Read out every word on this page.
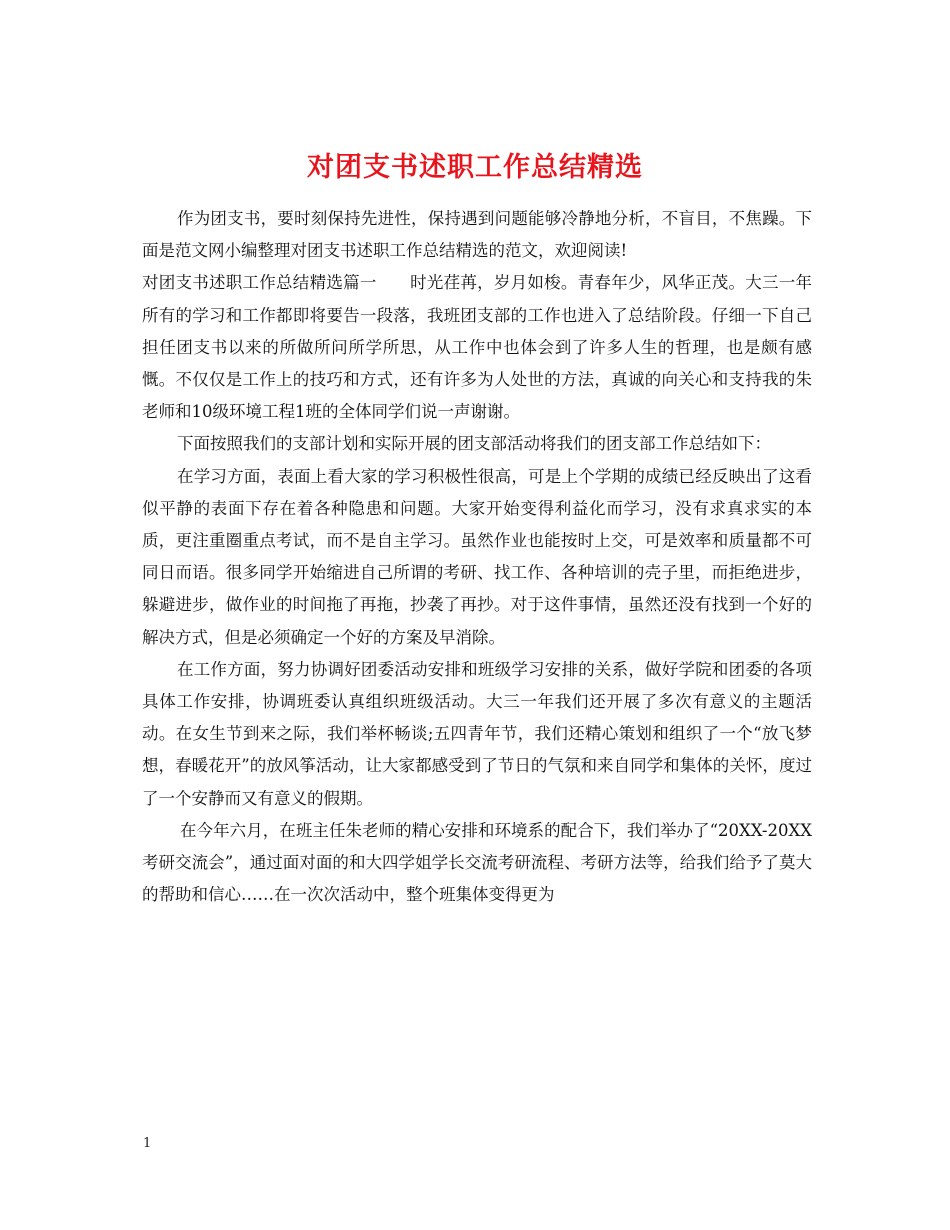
对团支书述职工作总结精选

作为团支书，要时刻保持先进性，保持遇到问题能够冷静地分析，不盲目，不焦躁。下面是范文网小编整理对团支书述职工作总结精选的范文，欢迎阅读!

对团支书述职工作总结精选篇一　　时光荏苒，岁月如梭。青春年少，风华正茂。大三一年所有的学习和工作都即将要告一段落，我班团支部的工作也进入了总结阶段。仔细一下自己担任团支书以来的所做所问所学所思，从工作中也体会到了许多人生的哲理，也是颇有感慨。不仅仅是工作上的技巧和方式，还有许多为人处世的方法，真诚的向关心和支持我的朱老师和10级环境工程1班的全体同学们说一声谢谢。

下面按照我们的支部计划和实际开展的团支部活动将我们的团支部工作总结如下：

在学习方面，表面上看大家的学习积极性很高，可是上个学期的成绩已经反映出了这看似平静的表面下存在着各种隐患和问题。大家开始变得利益化而学习，没有求真求实的本质，更注重圈重点考试，而不是自主学习。虽然作业也能按时上交，可是效率和质量都不可同日而语。很多同学开始缩进自己所谓的考研、找工作、各种培训的壳子里，而拒绝进步，躲避进步，做作业的时间拖了再拖，抄袭了再抄。对于这件事情，虽然还没有找到一个好的解决方式，但是必须确定一个好的方案及早消除。

在工作方面，努力协调好团委活动安排和班级学习安排的关系，做好学院和团委的各项具体工作安排，协调班委认真组织班级活动。大三一年我们还开展了多次有意义的主题活动。在女生节到来之际，我们举杯畅谈;五四青年节，我们还精心策划和组织了一个“放飞梦想，春暖花开”的放风筝活动，让大家都感受到了节日的气氛和来自同学和集体的关怀，度过了一个安静而又有意义的假期。

在今年六月，在班主任朱老师的精心安排和环境系的配合下，我们举办了“20XX-20XX考研交流会”，通过面对面的和大四学姐学长交流考研流程、考研方法等，给我们给予了莫大的帮助和信心……在一次次活动中，整个班集体变得更为

1
